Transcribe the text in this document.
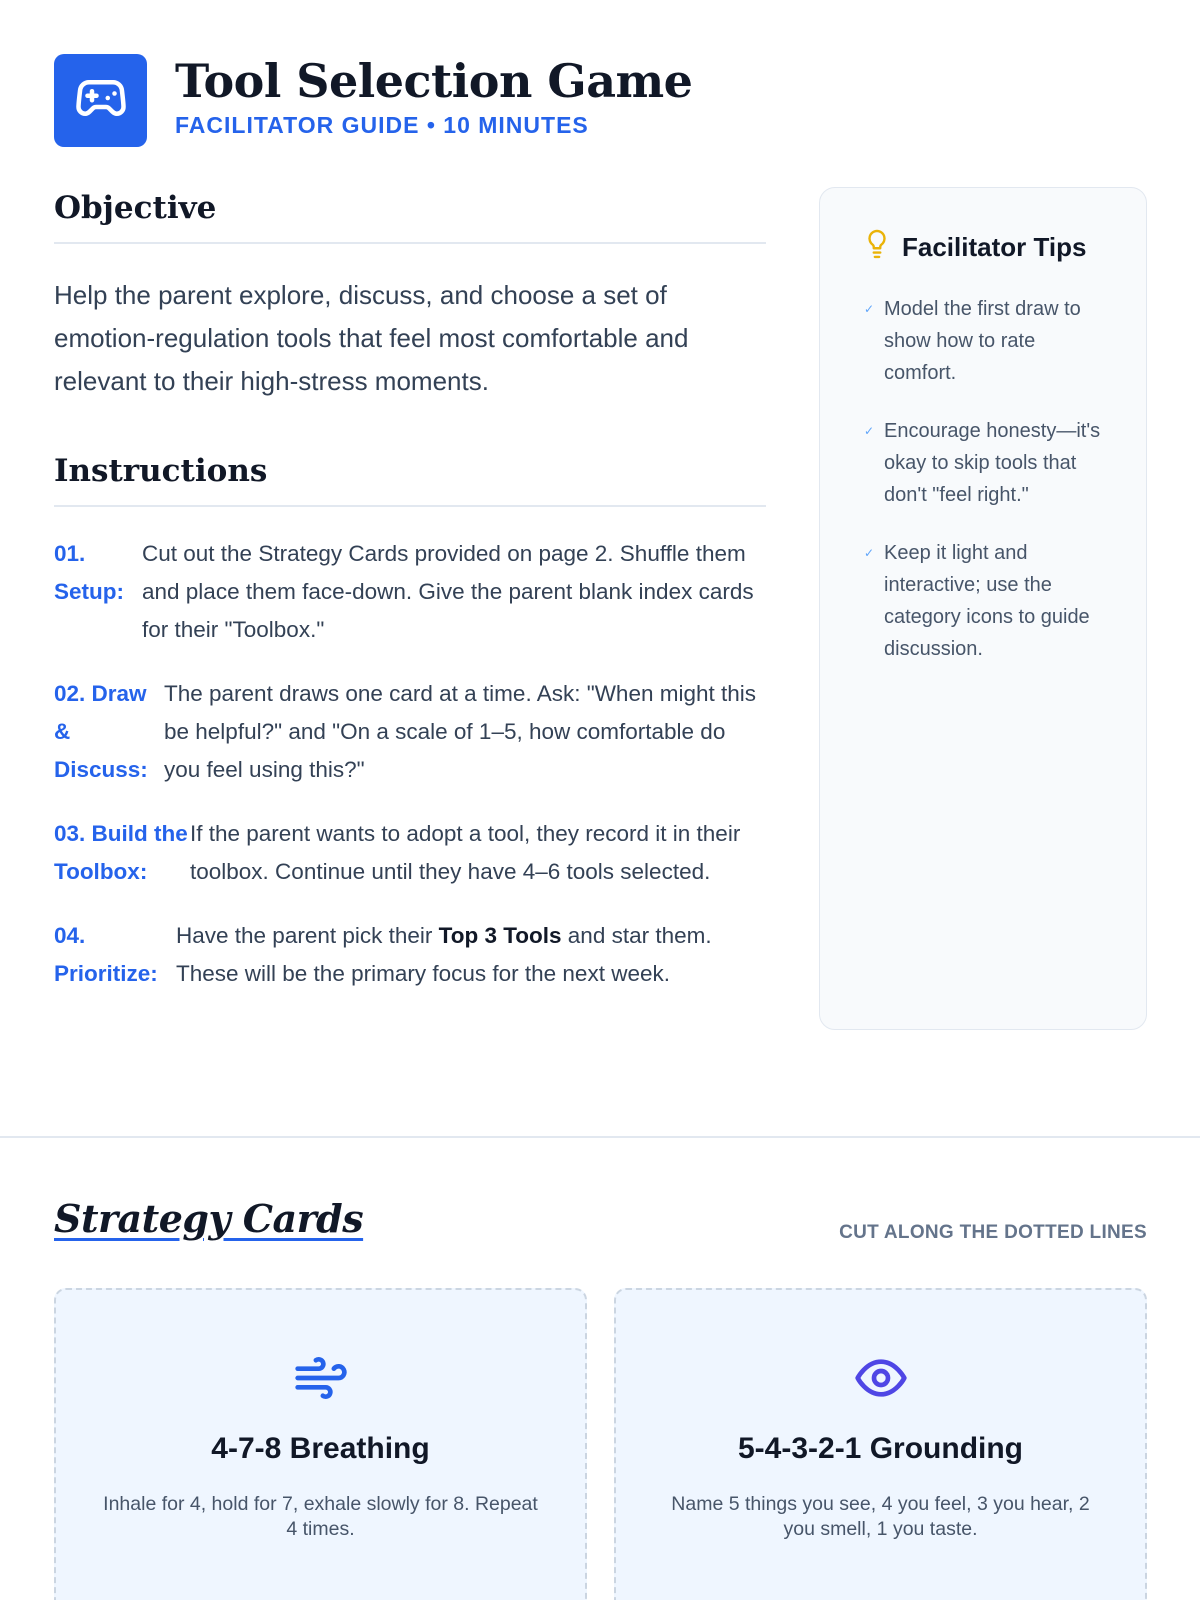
Tool Selection Game
FACILITATOR GUIDE • 10 MINUTES
Objective
Help the parent explore, discuss, and choose a set of emotion-regulation tools that feel most comfortable and relevant to their high-stress moments.
Instructions
01. Setup:
Cut out the Strategy Cards provided on page 2. Shuffle them and place them face-down. Give the parent blank index cards for their "Toolbox."
02. Draw & Discuss:
The parent draws one card at a time. Ask: "When might this be helpful?" and "On a scale of 1–5, how comfortable do you feel using this?"
03. Build the Toolbox:
If the parent wants to adopt a tool, they record it in their toolbox. Continue until they have 4–6 tools selected.
04. Prioritize:
Have the parent pick their Top 3 Tools and star them. These will be the primary focus for the next week.
Facilitator Tips
✓ Model the first draw to show how to rate comfort.
✓ Encourage honesty—it's okay to skip tools that don't "feel right."
✓ Keep it light and interactive; use the category icons to guide discussion.
Strategy Cards	CUT ALONG THE DOTTED LINES
4-7-8 Breathing
Inhale for 4, hold for 7, exhale slowly for 8. Repeat 4 times.
5-4-3-2-1 Grounding
Name 5 things you see, 4 you feel, 3 you hear, 2 you smell, 1 you taste.
